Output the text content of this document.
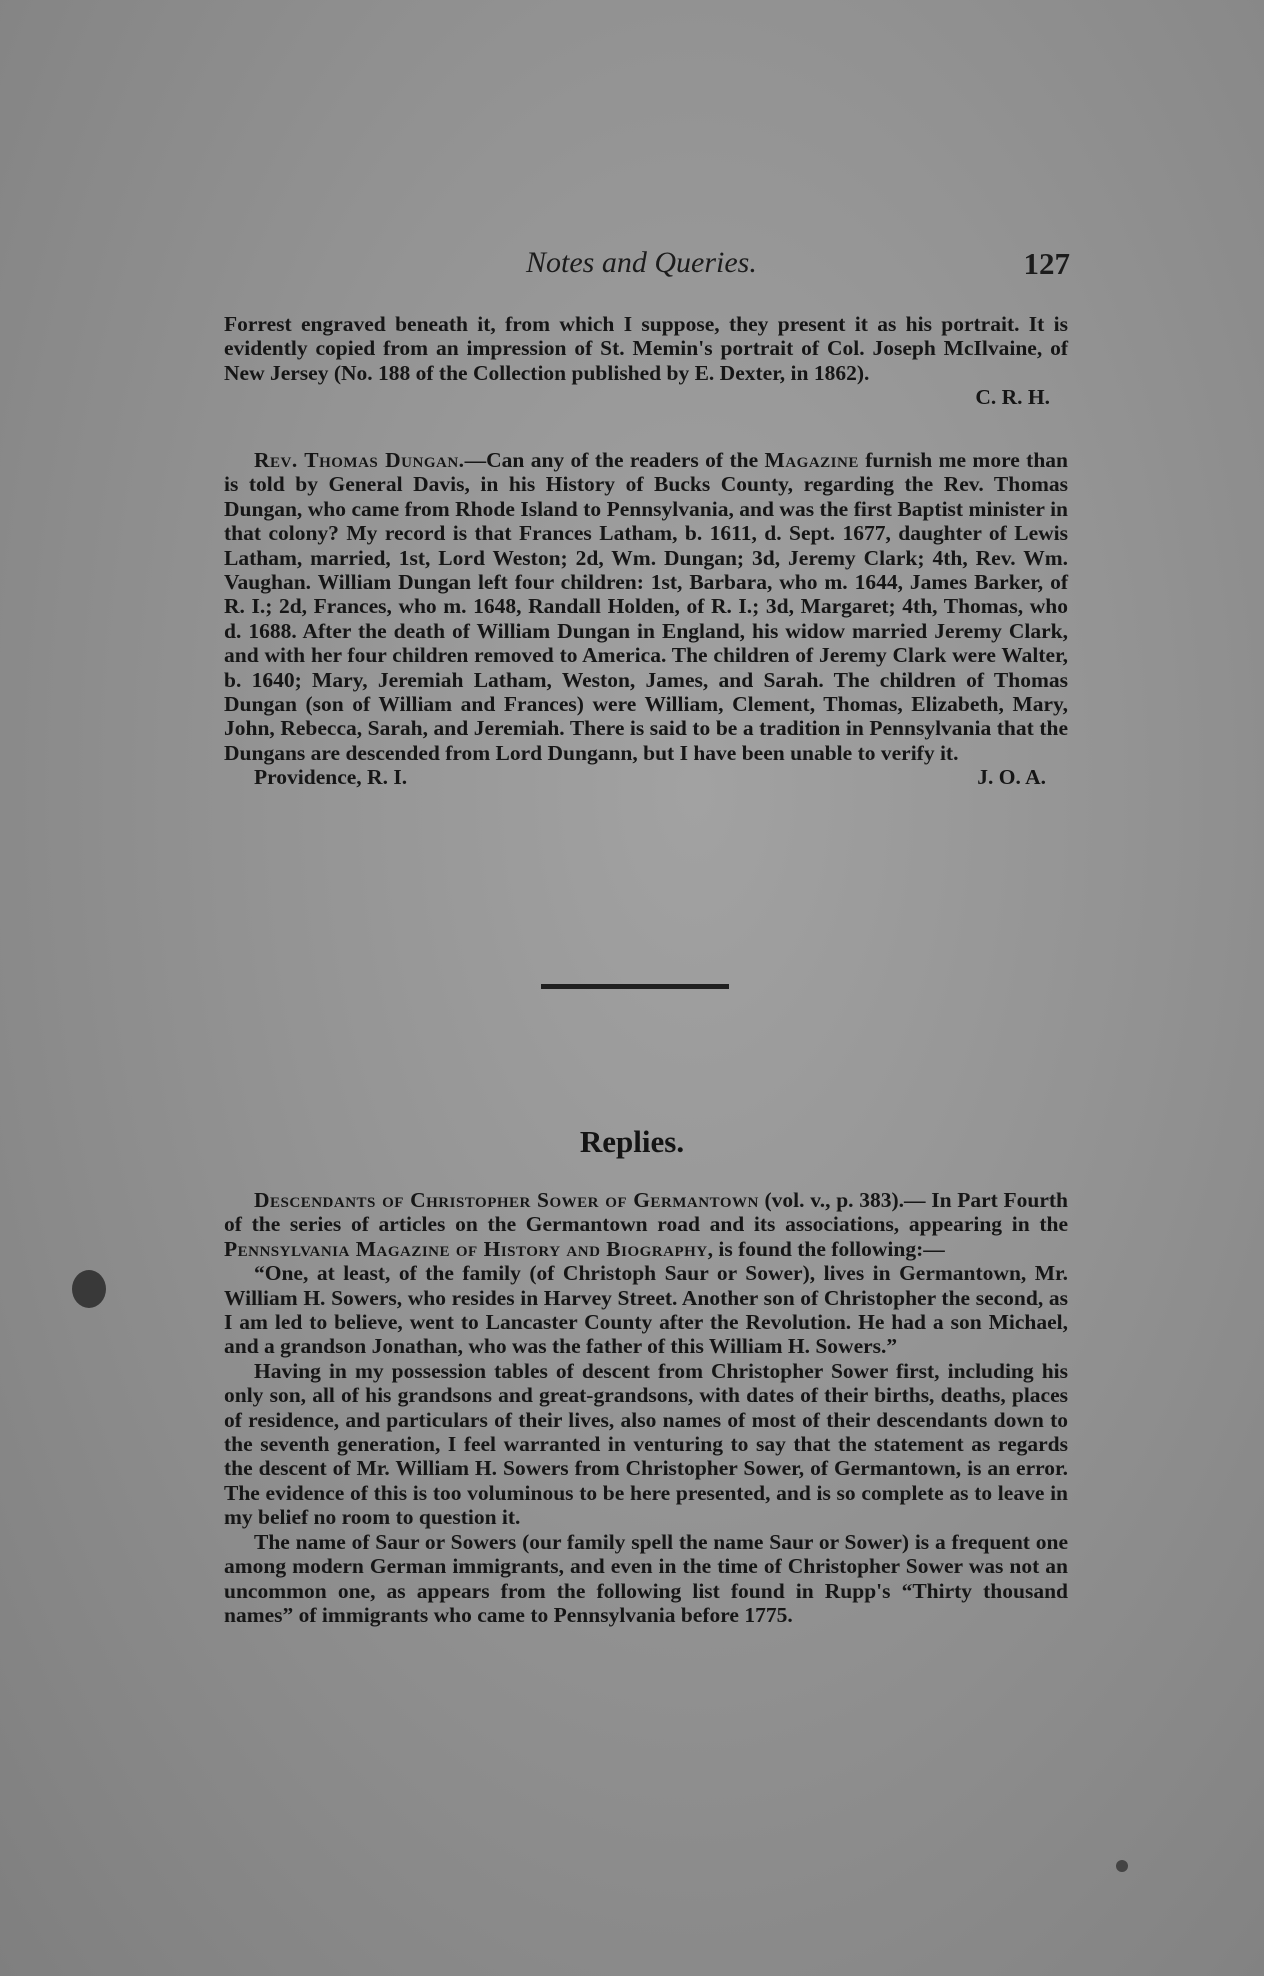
Notes and Queries.	127

Forrest engraved beneath it, from which I suppose, they present it as his portrait. It is evidently copied from an impression of St. Memin's portrait of Col. Joseph McIlvaine, of New Jersey (No. 188 of the Collection published by E. Dexter, in 1862).

C. R. H.

Rev. Thomas Dungan.—Can any of the readers of the Magazine furnish me more than is told by General Davis, in his History of Bucks County, regarding the Rev. Thomas Dungan, who came from Rhode Island to Pennsylvania, and was the first Baptist minister in that colony? My record is that Frances Latham, b. 1611, d. Sept. 1677, daughter of Lewis Latham, married, 1st, Lord Weston; 2d, Wm. Dungan; 3d, Jeremy Clark; 4th, Rev. Wm. Vaughan. William Dungan left four children: 1st, Barbara, who m. 1644, James Barker, of R. I.; 2d, Frances, who m. 1648, Randall Holden, of R. I.; 3d, Margaret; 4th, Thomas, who d. 1688. After the death of William Dungan in England, his widow married Jeremy Clark, and with her four children removed to America. The children of Jeremy Clark were Walter, b. 1640; Mary, Jeremiah Latham, Weston, James, and Sarah. The children of Thomas Dungan (son of William and Frances) were William, Clement, Thomas, Elizabeth, Mary, John, Rebecca, Sarah, and Jeremiah. There is said to be a tradition in Pennsylvania that the Dungans are descended from Lord Dungann, but I have been unable to verify it.

Providence, R. I.	J. O. A.

Replies.

Descendants of Christopher Sower of Germantown (vol. v., p. 383).— In Part Fourth of the series of articles on the Germantown road and its associations, appearing in the Pennsylvania Magazine of History and Biography, is found the following:—

“One, at least, of the family (of Christoph Saur or Sower), lives in Germantown, Mr. William H. Sowers, who resides in Harvey Street. Another son of Christopher the second, as I am led to believe, went to Lancaster County after the Revolution. He had a son Michael, and a grandson Jonathan, who was the father of this William H. Sowers.”

Having in my possession tables of descent from Christopher Sower first, including his only son, all of his grandsons and great-grandsons, with dates of their births, deaths, places of residence, and particulars of their lives, also names of most of their descendants down to the seventh generation, I feel warranted in venturing to say that the statement as regards the descent of Mr. William H. Sowers from Christopher Sower, of Germantown, is an error. The evidence of this is too voluminous to be here presented, and is so complete as to leave in my belief no room to question it.

The name of Saur or Sowers (our family spell the name Saur or Sower) is a frequent one among modern German immigrants, and even in the time of Christopher Sower was not an uncommon one, as appears from the following list found in Rupp's “Thirty thousand names” of immigrants who came to Pennsylvania before 1775.
